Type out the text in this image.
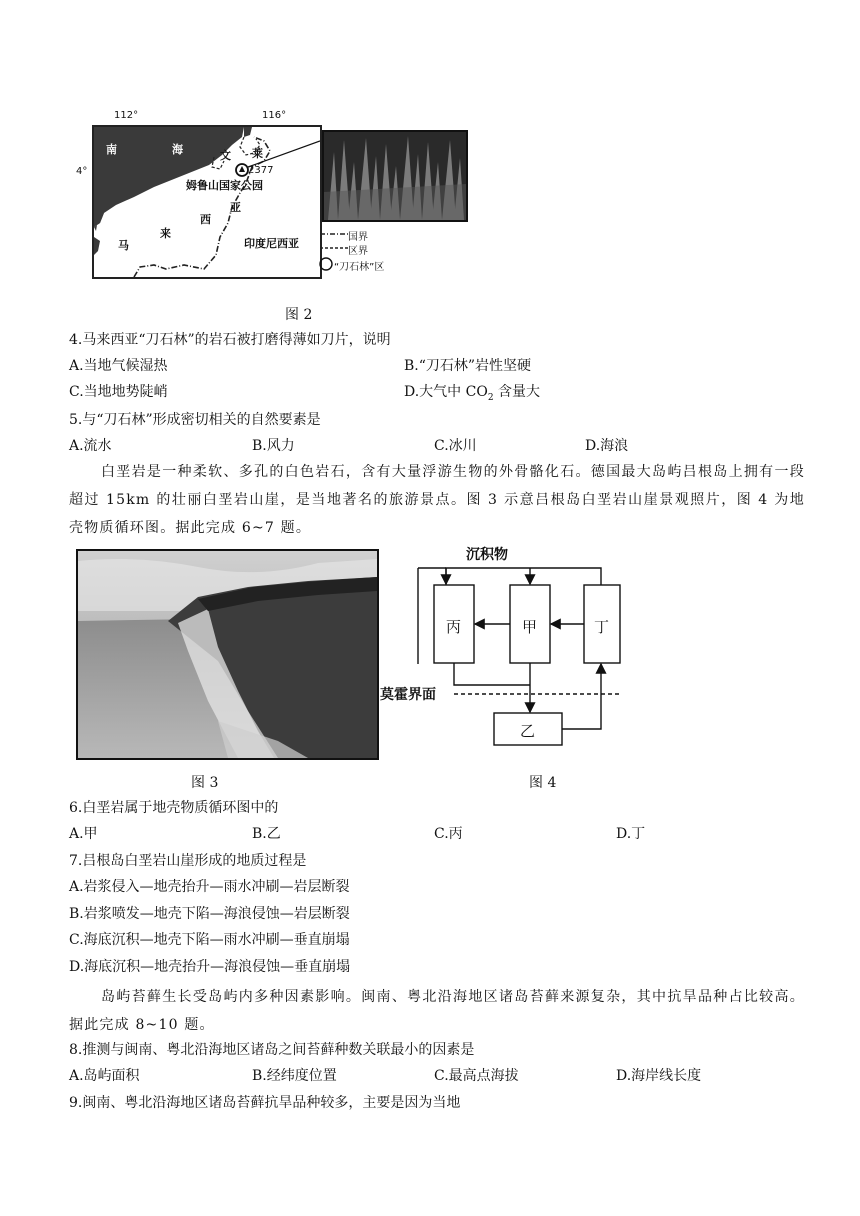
112°	116°
4°
南	海	文 莱
2377
姆鲁山国家公园
亚
西
来
马	印度尼西亚	国界
区界
“刀石林”区
图 2
4.马来西亚“刀石林”的岩石被打磨得薄如刀片，说明
A.当地气候湿热	B.“刀石林”岩性坚硬
C.当地地势陡峭	D.大气中 $CO_2$ 含量大
5.与“刀石林”形成密切相关的自然要素是
A.流水	B.风力	C.冰川	D.海浪
白垩岩是一种柔软、多孔的白色岩石，含有大量浮游生物的外骨骼化石。德国最大岛屿吕根岛上拥有一段超过 15km 的壮丽白垩岩山崖，是当地著名的旅游景点。图 3 示意吕根岛白垩岩山崖景观照片，图 4 为地壳物质循环图。据此完成 6~7 题。
沉积物
丙	甲	丁
乙
莫霍界面
图 3	图 4
6.白垩岩属于地壳物质循环图中的
A.甲	B.乙	C.丙	D.丁
7.吕根岛白垩岩山崖形成的地质过程是
A.岩浆侵入—地壳抬升—雨水冲刷—岩层断裂
B.岩浆喷发—地壳下陷—海浪侵蚀—岩层断裂
C.海底沉积—地壳下陷—雨水冲刷—垂直崩塌
D.海底沉积—地壳抬升—海浪侵蚀—垂直崩塌
岛屿苔藓生长受岛屿内多种因素影响。闽南、粤北沿海地区诸岛苔藓来源复杂，其中抗旱品种占比较高。据此完成 8~10 题。
8.推测与闽南、粤北沿海地区诸岛之间苔藓种数关联最小的因素是
A.岛屿面积	B.经纬度位置	C.最高点海拔	D.海岸线长度
9.闽南、粤北沿海地区诸岛苔藓抗旱品种较多，主要是因为当地
